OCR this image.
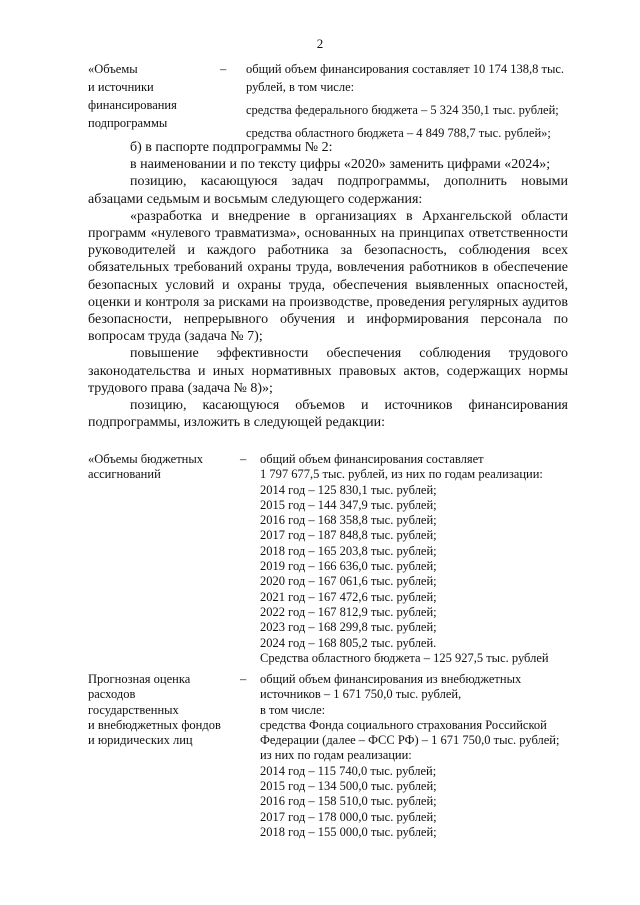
2
«Объемы
и источники
финансирования
подпрограммы
– общий объем финансирования составляет 10 174 138,8 тыс.
рублей, в том числе:
средства федерального бюджета – 5 324 350,1 тыс. рублей;
средства областного бюджета – 4 849 788,7 тыс. рублей»;

б) в паспорте подпрограммы № 2:

в наименовании и по тексту цифры «2020» заменить цифрами «2024»;

позицию, касающуюся задач подпрограммы, дополнить новыми абзацами седьмым и восьмым следующего содержания:

«разработка и внедрение в организациях в Архангельской области программ «нулевого травматизма», основанных на принципах ответственности руководителей и каждого работника за безопасность, соблюдения всех обязательных требований охраны труда, вовлечения работников в обеспечение безопасных условий и охраны труда, обеспечения выявленных опасностей, оценки и контроля за рисками на производстве, проведения регулярных аудитов безопасности, непрерывного обучения и информирования персонала по вопросам труда (задача № 7);

повышение эффективности обеспечения соблюдения трудового законодательства и иных нормативных правовых актов, содержащих нормы трудового права (задача № 8)»;

позицию, касающуюся объемов и источников финансирования подпрограммы, изложить в следующей редакции:

«Объемы бюджетных
ассигнований
– общий объем финансирования составляет
1 797 677,5 тыс. рублей, из них по годам реализации:
2014 год – 125 830,1 тыс. рублей;
2015 год – 144 347,9 тыс. рублей;
2016 год – 168 358,8 тыс. рублей;
2017 год – 187 848,8 тыс. рублей;
2018 год – 165 203,8 тыс. рублей;
2019 год – 166 636,0 тыс. рублей;
2020 год – 167 061,6 тыс. рублей;
2021 год – 167 472,6 тыс. рублей;
2022 год – 167 812,9 тыс. рублей;
2023 год – 168 299,8 тыс. рублей;
2024 год – 168 805,2 тыс. рублей.
Средства областного бюджета – 125 927,5 тыс. рублей
Прогнозная оценка
расходов
государственных
и внебюджетных фондов
и юридических лиц
– общий объем финансирования из внебюджетных
источников – 1 671 750,0 тыс. рублей,
в том числе:
средства Фонда социального страхования Российской
Федерации (далее – ФСС РФ) – 1 671 750,0 тыс. рублей;
из них по годам реализации:
2014 год – 115 740,0 тыс. рублей;
2015 год – 134 500,0 тыс. рублей;
2016 год – 158 510,0 тыс. рублей;
2017 год – 178 000,0 тыс. рублей;
2018 год – 155 000,0 тыс. рублей;
